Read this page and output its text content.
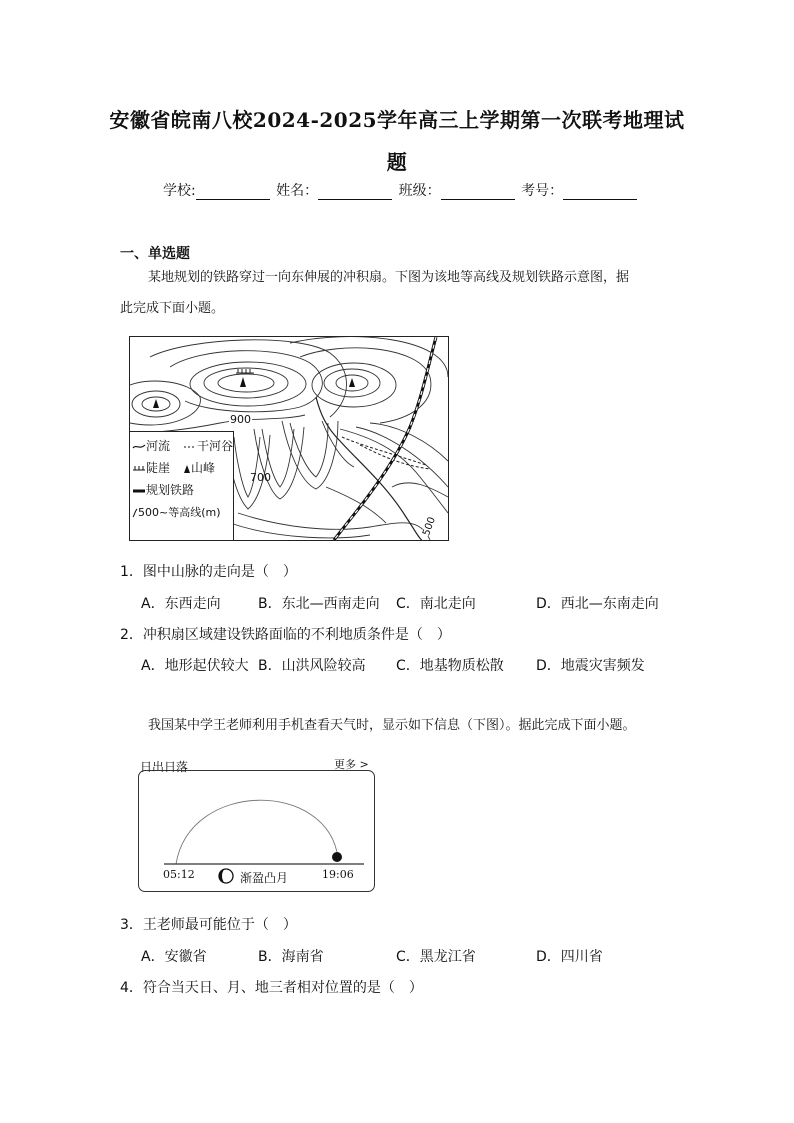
安徽省皖南八校2024-2025学年高三上学期第一次联考地理试
题
学校:	姓名：	班级：	考号：
一、单选题
某地规划的铁路穿过一向东伸展的冲积扇。下图为该地等高线及规划铁路示意图，据
此完成下面小题。
900
700
500
河流	干河谷
陡崖	山峰
规划铁路
500~等高线(m)
1．图中山脉的走向是（　）
A．东西走向	B．东北—西南走向 C．南北走向	D．西北—东南走向
2．冲积扇区域建设铁路面临的不利地质条件是（　）
A．地形起伏较大 B．山洪风险较高 C．地基物质松散 D．地震灾害频发
我国某中学王老师利用手机查看天气时，显示如下信息（下图）。据此完成下面小题。
日出日落	更多 >
05:12	19:06
渐盈凸月
3．王老师最可能位于（　）
A．安徽省	B．海南省	C．黑龙江省	D．四川省
4．符合当天日、月、地三者相对位置的是（　）
